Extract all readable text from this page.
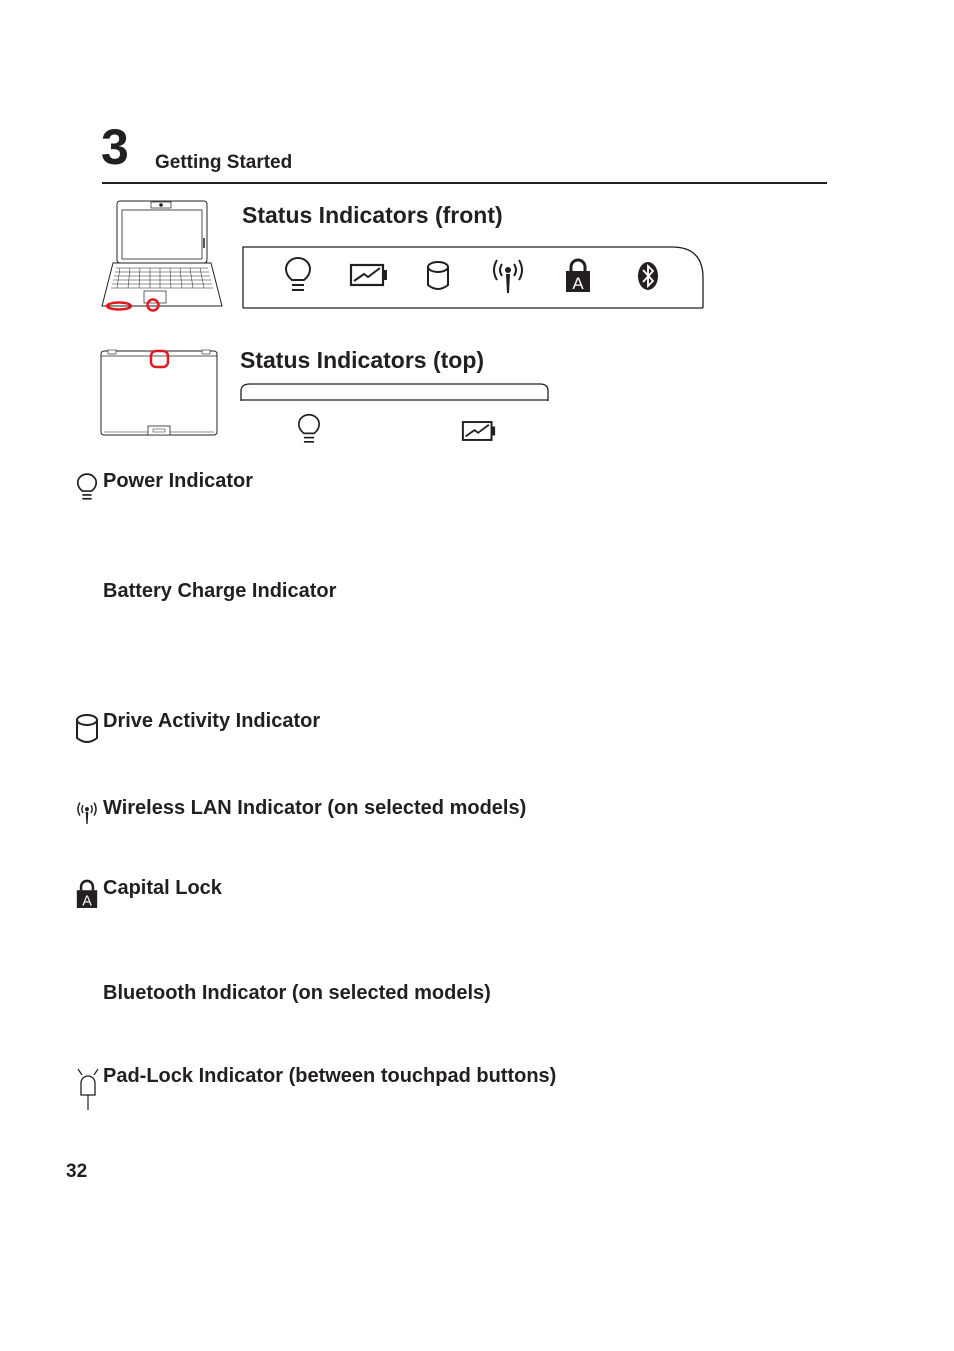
3 Getting Started
Status Indicators (front)
A
Status Indicators (top)
Power Indicator
Battery Charge Indicator
Drive Activity Indicator
Wireless LAN Indicator (on selected models)
A
Capital Lock
Bluetooth Indicator (on selected models)
Pad-Lock Indicator (between touchpad buttons)
32
